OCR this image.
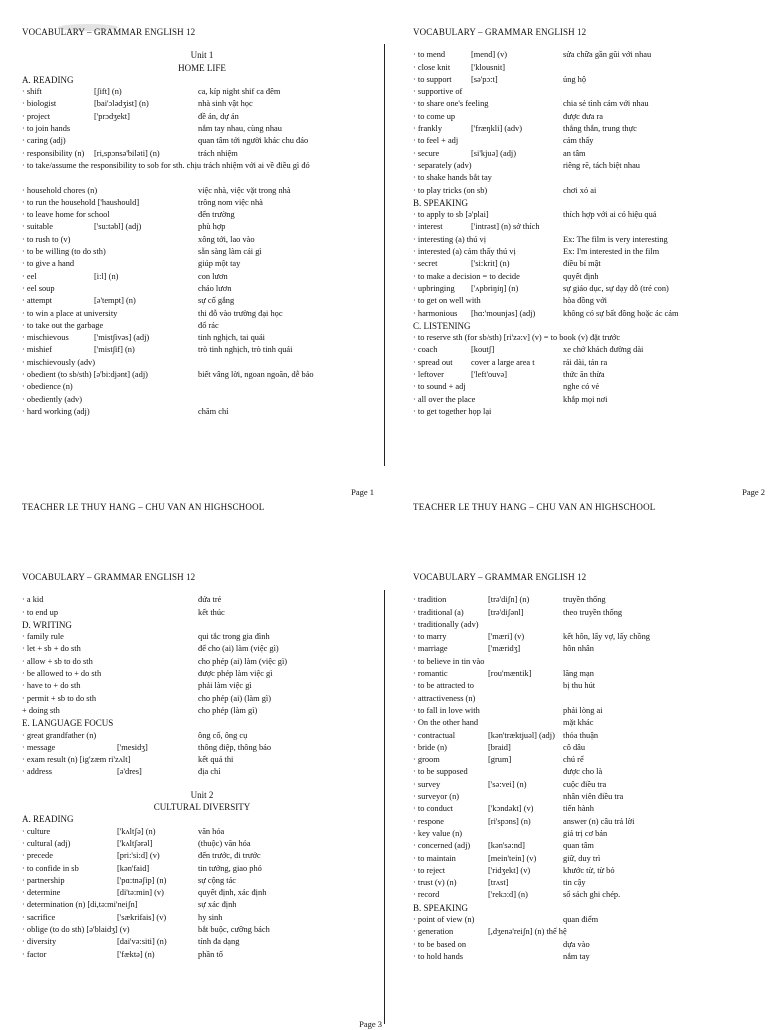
VOCABULARY – GRAMMAR ENGLISH 12
Unit 1
HOME LIFE
A. READING
· shift	[ʃift] (n)	ca, kíp night shif ca đêm
· biologist	[bai'ɔlədʒist] (n)	nhà sinh vật học
· project	['prɔdʒekt]	đề án, dự án
· to join hands	nắm tay nhau, cùng nhau
· caring (adj)	quan tâm tới người khác chu đáo
· responsibility (n) [ri,spɔnsə'biləti] (n)	trách nhiệm
· to take/assume the responsibility to sob for sth. chịu trách nhiệm với ai về điều gì đó
· household chores (n)	việc nhà, việc vặt trong nhà
· to run the household ['haushould]	trông nom việc nhà
· to leave home for school	đến trường
· suitable	['su:təbl] (adj)	phù hợp
· to rush to (v)	xông tới, lao vào
· to be willing (to do sth)	sẵn sàng làm cái gì
· to give a hand	giúp một tay
· eel	[i:l] (n)	con lươn
· eel soup	cháo lươn
· attempt	[ə'tempt] (n)	sự cố gắng
· to win a place at university	thi đỗ vào trường đại học
· to take out the garbage	đổ rác
· mischievous	['mist∫ivəs] (adj)	tinh nghịch, tai quái
· mishief	['mist∫if] (n)	trò tinh nghịch, trò tinh quái
· mischievously (adv)
· obedient (to sb/sth) [ə'bi:djənt] (adj)	biết vâng lời, ngoan ngoãn, dễ bảo
· obedience (n)
· obediently (adv)
· hard working (adj)	chăm chỉ
Page 1
TEACHER LE THUY HANG – CHU VAN AN HIGHSCHOOL
VOCABULARY – GRAMMAR ENGLISH 12
· to mend	[mend] (v)	sửa chữa gần gũi với nhau
· close knit ['klousnit]
· to support [sə'pɔ:t]	ủng hộ
· supportive of
· to share one's feeling	chia sẻ tình cảm với nhau
· to come up	được đưa ra
· frankly	['fræŋkli] (adv)	thẳng thắn, trung thực
· to feel + adj	cảm thấy
· secure	[si'kjuə] (adj)	an tâm
· separately (adv)	riêng rẽ, tách biệt nhau
· to shake hands bắt tay
· to play tricks (on sb)	chơi xỏ ai
B. SPEAKING
· to apply to sb [ə'plai]	thích hợp với ai có hiệu quả
· interest	['intrəst] (n) sở thích
· interesting (a) thú vị	Ex: The film is very interesting
· interested (a) cảm thấy thú vị	Ex: I'm interested in the film
· secret	['si:krit] (n)	điều bí mật
· to make a decision = to decide	quyết định
· upbringing ['ʌpbriŋiŋ] (n)	sự giáo dục, sự dạy dỗ (trẻ con)
· to get on well with	hòa đồng với
· harmonious [hɑ:'mounjəs] (adj)	không có sự bất đồng hoặc ác cảm
C. LISTENING
· to reserve sth (for sb/sth) [ri'zə:v] (v) = to book (v) đặt trước
· coach	[koutʃ]	xe chở khách đường dài
· spread out cover a large area t	rải dài, tản ra
· leftover	['left'ouvə]	thức ăn thừa
· to sound + adj	nghe có vẻ
· all over the place	khắp mọi nơi
· to get together họp lại
Page 2
TEACHER LE THUY HANG – CHU VAN AN HIGHSCHOOL
VOCABULARY – GRAMMAR ENGLISH 12
· a kid	đứa trẻ
· to end up	kết thúc
D. WRITING
· family rule	qui tắc trong gia đình
· let + sb + do sth	để cho (ai) làm (việc gì)
· allow + sb to do sth	cho phép (ai) làm (việc gì)
· be allowed to + do sth	được phép làm việc gì
· have to + do sth	phải làm việc gì
· permit + sb to do sth	cho phép (ai) (làm gì)
+ doing sth	cho phép (làm gì)
E. LANGUAGE FOCUS
· great grandfather (n)	ông cố, ông cụ
· message	['mesidʒ]	thông điệp, thông báo
· exam result (n) [ig'zæm ri'zʌlt]	kết quả thi
· address	[ə'dres]	địa chỉ
Unit 2
CULTURAL DIVERSITY
A. READING
· culture	['kʌltʃə] (n)	văn hóa
· cultural (adj)	['kʌltʃərəl]	(thuộc) văn hóa
· precede	[pri:'si:d] (v)	đến trước, đi trước
· to confide in sb	[kən'faid]	tin tưởng, giao phó
· partnership	['pɑ:tnəʃip] (n)	sự cộng tác
· determine	[di'tə:min] (v)	quyết định, xác định
· determination (n) [di,tə:mi'neiʃn]	sự xác định
· sacrifice	['sækrifais] (v)	hy sinh
· oblige (to do sth) [ə'blaidʒ] (v)	bắt buộc, cưỡng bách
· diversity	[dai'və:siti] (n)	tính đa dạng
· factor	['fæktə] (n)	phần tố
Page 3
VOCABULARY – GRAMMAR ENGLISH 12
· tradition	[trə'diʃn] (n)	truyền thống
· traditional (a)	[trə'diʃənl]	theo truyền thống
· traditionally (adv)
· to marry	['mæri] (v)	kết hôn, lấy vợ, lấy chồng
· marriage	['mæridʒ]	hôn nhân
· to believe in tin vào
· romantic	[rou'mæntik]	lãng mạn
· to be attracted to	bị thu hút
· attractiveness (n)
· to fall in love with	phải lòng ai
· On the other hand	mặt khác
· contractual	[kən'træktjuəl] (adj) thỏa thuận
· bride (n)	[braid]	cô dâu
· groom	[grum]	chú rể
· to be supposed	được cho là
· survey	['sə:vei] (n)	cuộc điều tra
· surveyor (n)	nhân viên điều tra
· to conduct	['kɔndəkt] (v)	tiến hành
· respone	[ri'spɔns] (n)	answer (n) câu trả lời
· key value (n)	giá trị cơ bản
· concerned (adj) [kən'sə:nd]	quan tâm
· to maintain	[mein'tein] (v)	giữ, duy trì
· to reject	['ridʒekt] (v)	khước từ, từ bỏ
· trust (v) (n)	[trʌst]	tin cậy
· record	['rekɔ:d] (n)	sổ sách ghi chép.
B. SPEAKING
· point of view (n)	quan điểm
· generation	[,dʒenə'reiʃn] (n) thế hệ
· to be based on	dựa vào
· to hold hands	nắm tay
